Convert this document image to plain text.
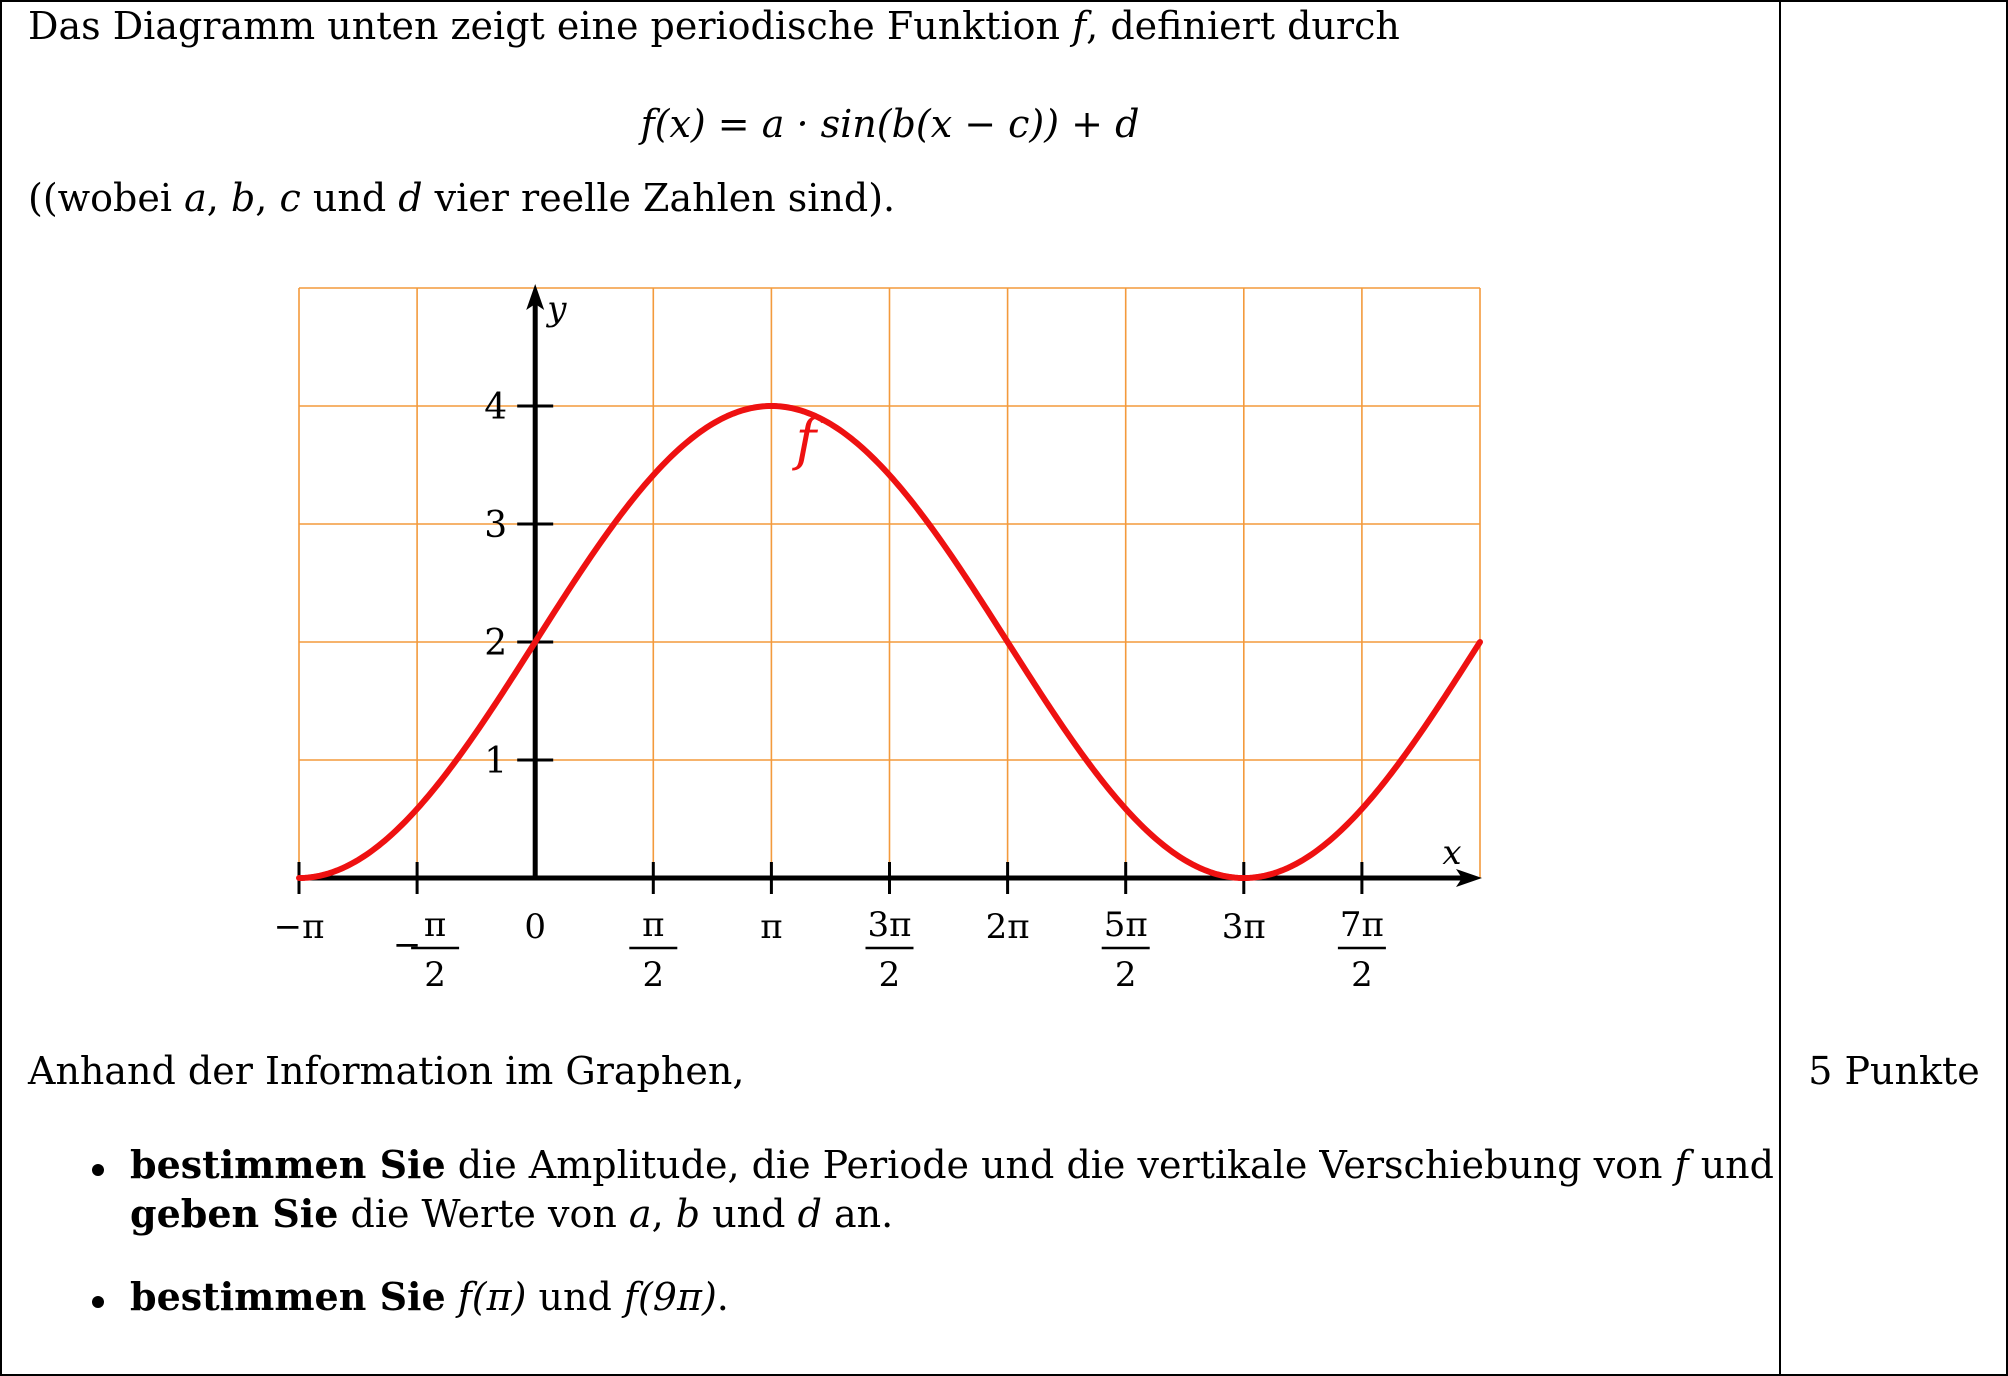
Das Diagramm unten zeigt eine periodische Funktion f, definiert durch
f(x) = a · sin(b(x − c)) + d
((wobei a, b, c und d vier reelle Zahlen sind).
x
y
1
2
3
4
−π − π
2
0	π
2
π 3π
2
2π 5π
2
3π 7π
2
f
Anhand der Information im Graphen,
bestimmen Sie die Amplitude, die Periode und die vertikale Verschiebung von f und
geben Sie die Werte von a, b und d an.
bestimmen Sie f(π) und f(9π).
5 Punkte
